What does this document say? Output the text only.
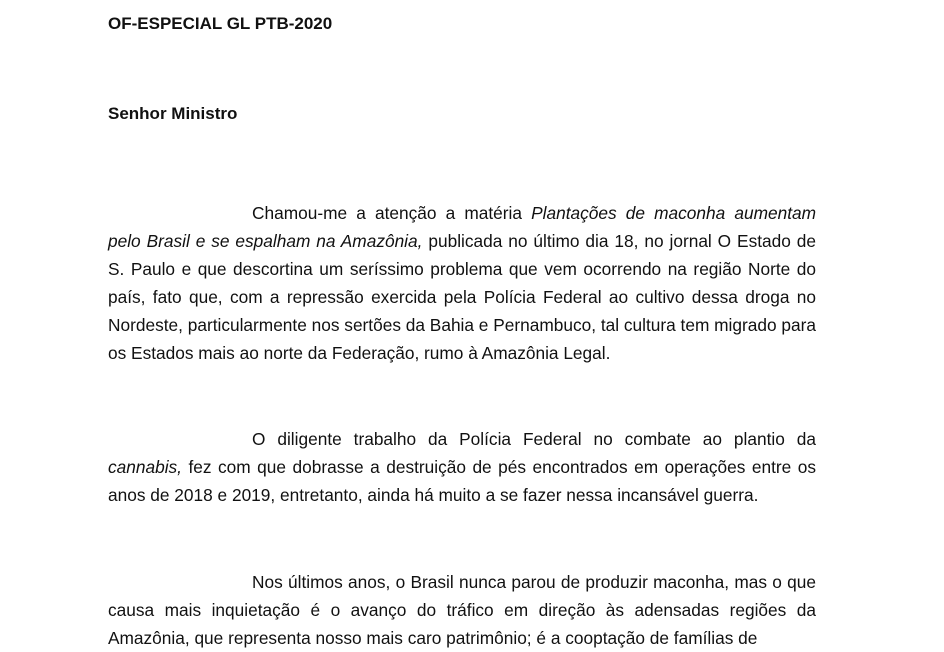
OF-ESPECIAL GL PTB-2020
Senhor Ministro

Chamou-me a atenção a matéria Plantações de maconha aumentam pelo Brasil e se espalham na Amazônia, publicada no último dia 18, no jornal O Estado de S. Paulo e que descortina um seríssimo problema que vem ocorrendo na região Norte do país, fato que, com a repressão exercida pela Polícia Federal ao cultivo dessa droga no Nordeste, particularmente nos sertões da Bahia e Pernambuco, tal cultura tem migrado para os Estados mais ao norte da Federação, rumo à Amazônia Legal.

O diligente trabalho da Polícia Federal no combate ao plantio da cannabis, fez com que dobrasse a destruição de pés encontrados em operações entre os anos de 2018 e 2019, entretanto, ainda há muito a se fazer nessa incansável guerra.

Nos últimos anos, o Brasil nunca parou de produzir maconha, mas o que causa mais inquietação é o avanço do tráfico em direção às adensadas regiões da Amazônia, que representa nosso mais caro patrimônio; é a cooptação de famílias de
